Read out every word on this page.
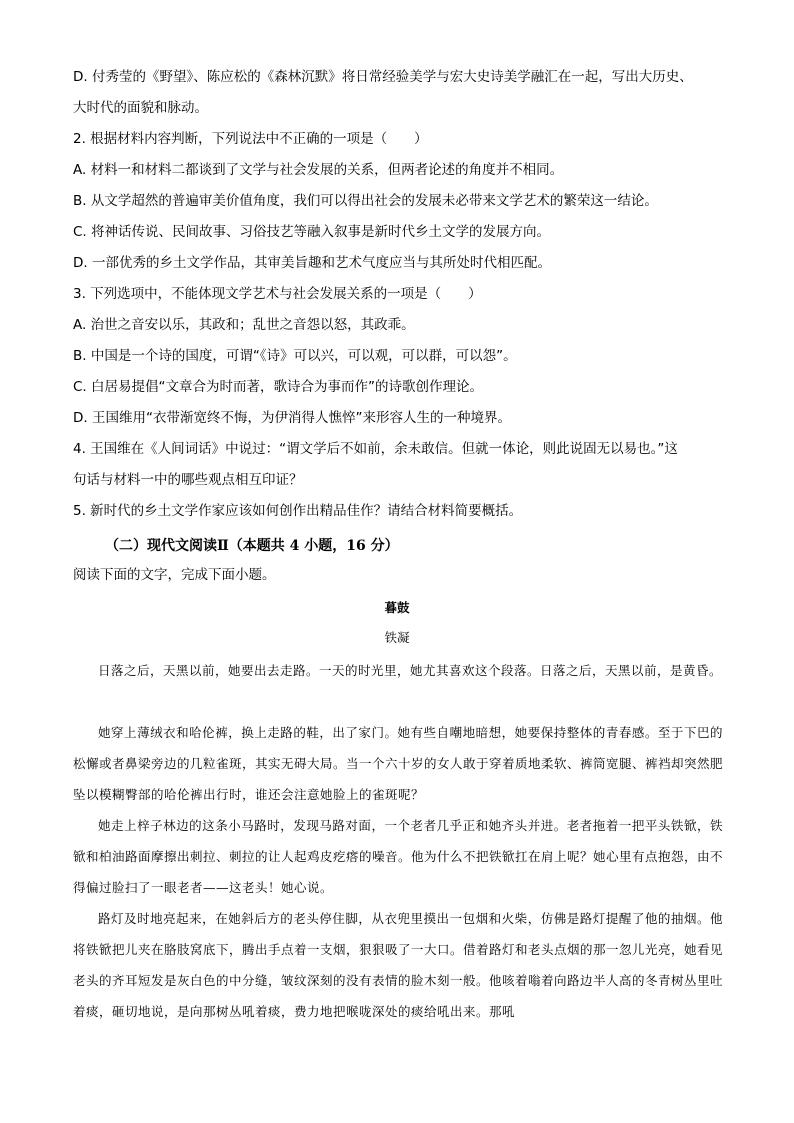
D. 付秀莹的《野望》、陈应松的《森林沉默》将日常经验美学与宏大史诗美学融汇在一起，写出大历史、
大时代的面貌和脉动。
2. 根据材料内容判断，下列说法中不正确的一项是（　　）
A. 材料一和材料二都谈到了文学与社会发展的关系，但两者论述的角度并不相同。
B. 从文学超然的普遍审美价值角度，我们可以得出社会的发展未必带来文学艺术的繁荣这一结论。
C. 将神话传说、民间故事、习俗技艺等融入叙事是新时代乡土文学的发展方向。
D. 一部优秀的乡土文学作品，其审美旨趣和艺术气度应当与其所处时代相匹配。
3. 下列选项中，不能体现文学艺术与社会发展关系的一项是（　　）
A. 治世之音安以乐，其政和；乱世之音怨以怒，其政乖。
B. 中国是一个诗的国度，可谓“《诗》可以兴，可以观，可以群，可以怨”。
C. 白居易提倡“文章合为时而著，歌诗合为事而作”的诗歌创作理论。
D. 王国维用“衣带渐宽终不悔，为伊消得人憔悴”来形容人生的一种境界。
4. 王国维在《人间词话》中说过：“谓文学后不如前，余未敢信。但就一体论，则此说固无以易也。”这
句话与材料一中的哪些观点相互印证？
5. 新时代的乡土文学作家应该如何创作出精品佳作？请结合材料简要概括。
（二）现代文阅读Ⅱ（本题共 4 小题，16 分）
阅读下面的文字，完成下面小题。
暮鼓
铁凝

日落之后，天黑以前，她要出去走路。一天的时光里，她尤其喜欢这个段落。日落之后，天黑以前，是黄昏。

她穿上薄绒衣和哈伦裤，换上走路的鞋，出了家门。她有些自嘲地暗想，她要保持整体的青春感。至于下巴的松懈或者鼻梁旁边的几粒雀斑，其实无碍大局。当一个六十岁的女人敢于穿着质地柔软、裤筒宽腿、裤裆却突然肥坠以模糊臀部的哈伦裤出行时，谁还会注意她脸上的雀斑呢？

她走上梓子林边的这条小马路时，发现马路对面，一个老者几乎正和她齐头并进。老者拖着一把平头铁锨，铁锨和柏油路面摩擦出刺拉、刺拉的让人起鸡皮疙瘩的噪音。他为什么不把铁锨扛在肩上呢？她心里有点抱怨，由不得偏过脸扫了一眼老者——这老头！她心说。

路灯及时地亮起来，在她斜后方的老头停住脚，从衣兜里摸出一包烟和火柴，仿佛是路灯提醒了他的抽烟。他将铁锨把儿夹在胳肢窝底下，腾出手点着一支烟，狠狠吸了一大口。借着路灯和老头点烟的那一忽儿光亮，她看见老头的齐耳短发是灰白色的中分缝，皱纹深刻的没有表情的脸木刻一般。他咳着嗡着向路边半人高的冬青树丛里吐着痰，砸切地说，是向那树丛吼着痰，费力地把喉咙深处的痰给吼出来。那吼
